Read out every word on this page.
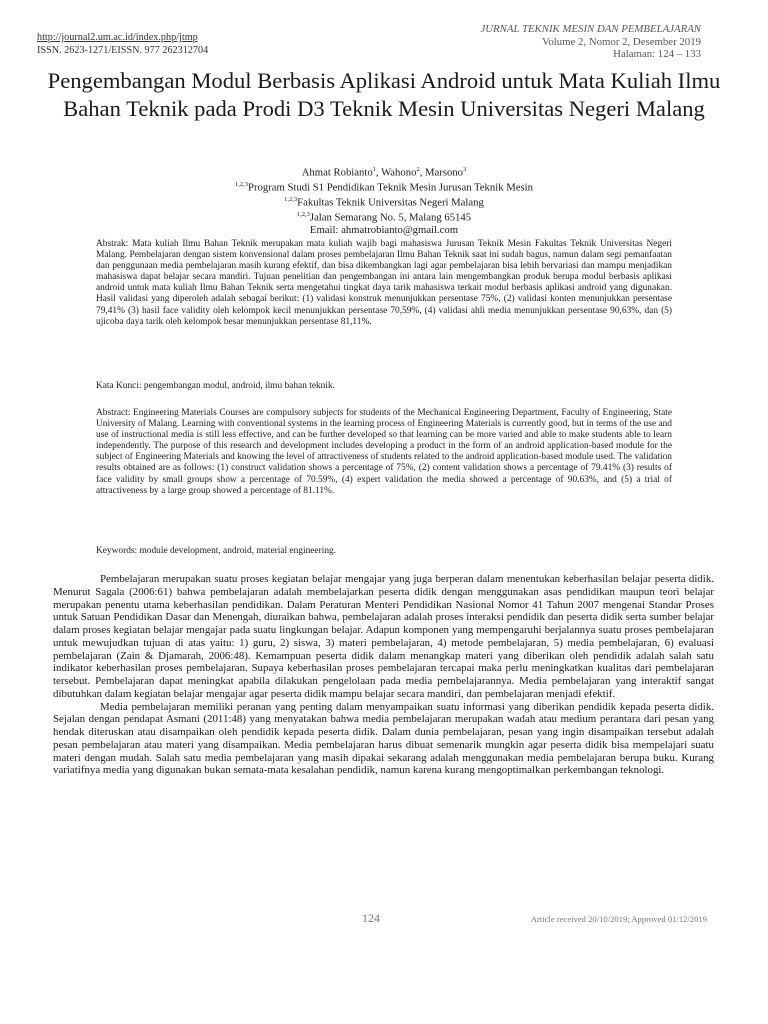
http://journal2.um.ac.id/index.php/jtmp
ISSN. 2623-1271/EISSN. 977 262312704
JURNAL TEKNIK MESIN DAN PEMBELAJARAN
Volume 2, Nomor 2, Desember 2019
Halaman: 124 – 133
Pengembangan Modul Berbasis Aplikasi Android untuk Mata Kuliah Ilmu Bahan Teknik pada Prodi D3 Teknik Mesin Universitas Negeri Malang
Ahmat Robianto$^1$, Wahono$^2$, Marsono$^3$
$^{1,2,3}$Program Studi S1 Pendidikan Teknik Mesin Jurusan Teknik Mesin
$^{1,2,3}$Fakultas Teknik Universitas Negeri Malang
$^{1,2,3}$Jalan Semarang No. 5, Malang 65145
Email: ahmatrobianto@gmail.com
Abstrak: Mata kuliah Ilmu Bahan Teknik merupakan mata kuliah wajib bagi mahasiswa Jurusan Teknik Mesin Fakultas Teknik Universitas Negeri Malang. Pembelajaran dengan sistem konvensional dalam proses pembelajaran Ilmu Bahan Teknik saat ini sudah bagus, namun dalam segi pemanfaatan dan penggunaan media pembelajaran masih kurang efektif, dan bisa dikembangkan lagi agar pembelajaran bisa lebih bervariasi dan mampu menjadikan mahasiswa dapat belajar secara mandiri. Tujuan penelitian dan pengembangan ini antara lain mengembangkan produk berupa modul berbasis aplikasi android untuk mata kuliah Ilmu Bahan Teknik serta mengetahui tingkat daya tarik mahasiswa terkait modul berbasis aplikasi android yang digunakan. Hasil validasi yang diperoleh adalah sebagai berikut: (1) validasi konstruk menunjukkan persentase 75%, (2) validasi konten menunjukkan persentase 79,41% (3) hasil face validity oleh kelompok kecil menunjukkan persentase 70,59%, (4) validasi ahli media menunjukkan persentase 90,63%, dan (5) ujicoba daya tarik oleh kelompok besar menunjukkan persentase 81,11%.
Kata Kunci: pengembangan modul, android, ilmu bahan teknik.
Abstract: Engineering Materials Courses are compulsory subjects for students of the Mechanical Engineering Department, Faculty of Engineering, State University of Malang. Learning with conventional systems in the learning process of Engineering Materials is currently good, but in terms of the use and use of instructional media is still less effective, and can be further developed so that learning can be more varied and able to make students able to learn independently. The purpose of this research and development includes developing a product in the form of an android application-based module for the subject of Engineering Materials and knowing the level of attractiveness of students related to the android application-based module used. The validation results obtained are as follows: (1) construct validation shows a percentage of 75%, (2) content validation shows a percentage of 79.41% (3) results of face validity by small groups show a percentage of 70.59%, (4) expert validation the media showed a percentage of 90.63%, and (5) a trial of attractiveness by a large group showed a percentage of 81.11%.
Keywords: module development, android, material engineering.

Pembelajaran merupakan suatu proses kegiatan belajar mengajar yang juga berperan dalam menentukan keberhasilan belajar peserta didik. Menurut Sagala (2006:61) bahwa pembelajaran adalah membelajarkan peserta didik dengan menggunakan asas pendidikan maupun teori belajar merupakan penentu utama keberhasilan pendidikan. Dalam Peraturan Menteri Pendidikan Nasional Nomor 41 Tahun 2007 mengenai Standar Proses untuk Satuan Pendidikan Dasar dan Menengah, diuraikan bahwa, pembelajaran adalah proses interaksi pendidik dan peserta didik serta sumber belajar dalam proses kegiatan belajar mengajar pada suatu lingkungan belajar. Adapun komponen yang mempengaruhi berjalannya suatu proses pembelajaran untuk mewujudkan tujuan di atas yaitu: 1) guru, 2) siswa, 3) materi pembelajaran, 4) metode pembelajaran, 5) media pembelajaran, 6) evaluasi pembelajaran (Zain & Djamarah, 2006:48). Kemampuan peserta didik dalam menangkap materi yang diberikan oleh pendidik adalah salah satu indikator keberhasilan proses pembelajaran. Supaya keberhasilan proses pembelajaran tercapai maka perlu meningkatkan kualitas dari pembelajaran tersebut. Pembelajaran dapat meningkat apabila dilakukan pengelolaan pada media pembelajarannya. Media pembelajaran yang interaktif sangat dibutuhkan dalam kegiatan belajar mengajar agar peserta didik mampu belajar secara mandiri, dan pembelajaran menjadi efektif.

Media pembelajaran memiliki peranan yang penting dalam menyampaikan suatu informasi yang diberikan pendidik kepada peserta didik. Sejalan dengan pendapat Asmani (2011:48) yang menyatakan bahwa media pembelajaran merupakan wadah atau medium perantara dari pesan yang hendak diteruskan atau disampaikan oleh pendidik kepada peserta didik. Dalam dunia pembelajaran, pesan yang ingin disampaikan tersebut adalah pesan pembelajaran atau materi yang disampaikan. Media pembelajaran harus dibuat semenarik mungkin agar peserta didik bisa mempelajari suatu materi dengan mudah. Salah satu media pembelajaran yang masih dipakai sekarang adalah menggunakan media pembelajaran berupa buku. Kurang variatifnya media yang digunakan bukan semata-mata kesalahan pendidik, namun karena kurang mengoptimalkan perkembangan teknologi.

124	Article received 20/10/2019; Approved 01/12/2019
